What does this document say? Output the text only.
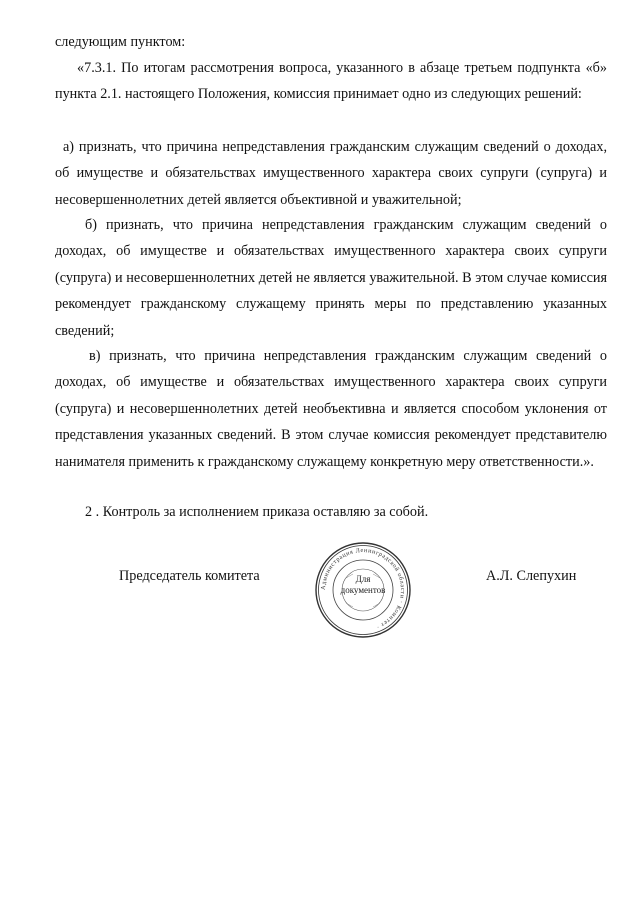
следующим пунктом:

«7.3.1. По итогам рассмотрения вопроса, указанного в абзаце третьем подпункта «б» пункта 2.1. настоящего Положения, комиссия принимает одно из следующих решений:

а) признать, что причина непредставления гражданским служащим сведений о доходах, об имуществе и обязательствах имущественного характера своих супруги (супруга) и несовершеннолетних детей является объективной и уважительной;

б) признать, что причина непредставления гражданским служащим сведений о доходах, об имуществе и обязательствах имущественного характера своих супруги (супруга) и несовершеннолетних детей не является уважительной. В этом случае комиссия рекомендует гражданскому служащему принять меры по представлению указанных сведений;

в) признать, что причина непредставления гражданским служащим сведений о доходах, об имуществе и обязательствах имущественного характера своих супруги (супруга) и несовершеннолетних детей необъективна и является способом уклонения от представления указанных сведений. В этом случае комиссия рекомендует представителю нанимателя применить к гражданскому служащему конкретную меру ответственности.».

2 . Контроль за исполнением приказа оставляю за собой.

Председатель комитета
Администрация Ленинградской области · Комитет ·
Для
документов
А.Л. Слепухин
